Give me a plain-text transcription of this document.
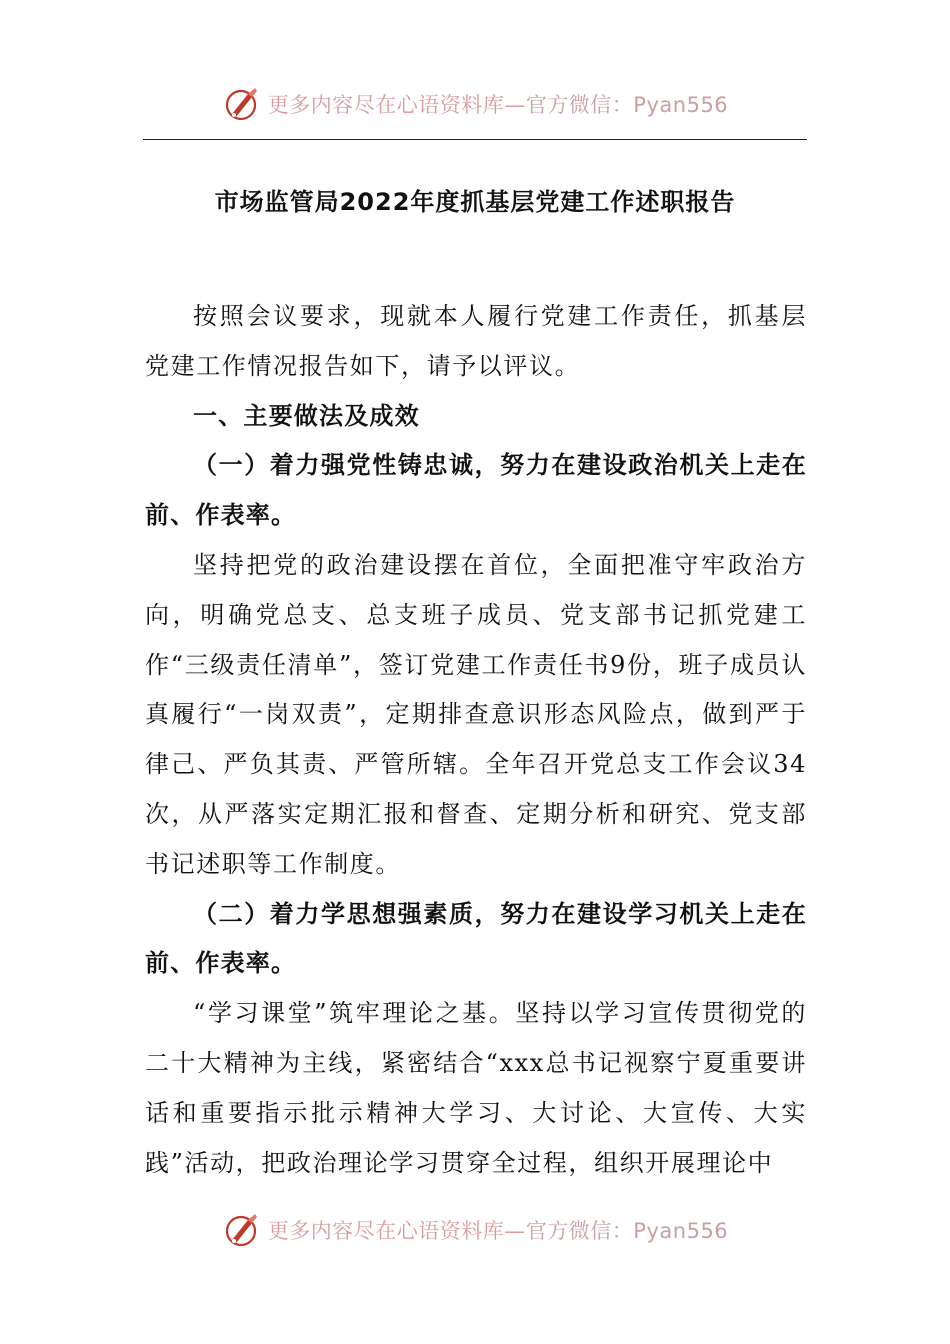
更多内容尽在心语资料库—官方微信：Pyan556
市场监管局2022年度抓基层党建工作述职报告

按照会议要求，现就本人履行党建工作责任，抓基层党建工作情况报告如下，请予以评议。

一、主要做法及成效

（一）着力强党性铸忠诚，努力在建设政治机关上走在前、作表率。

坚持把党的政治建设摆在首位，全面把准守牢政治方向，明确党总支、总支班子成员、党支部书记抓党建工作“三级责任清单”，签订党建工作责任书9份，班子成员认真履行“一岗双责”，定期排查意识形态风险点，做到严于律己、严负其责、严管所辖。全年召开党总支工作会议34次，从严落实定期汇报和督查、定期分析和研究、党支部书记述职等工作制度。

（二）着力学思想强素质，努力在建设学习机关上走在前、作表率。

“学习课堂”筑牢理论之基。坚持以学习宣传贯彻党的二十大精神为主线，紧密结合“xxx总书记视察宁夏重要讲话和重要指示批示精神大学习、大讨论、大宣传、大实践”活动，把政治理论学习贯穿全过程，组织开展理论中

更多内容尽在心语资料库—官方微信：Pyan556
